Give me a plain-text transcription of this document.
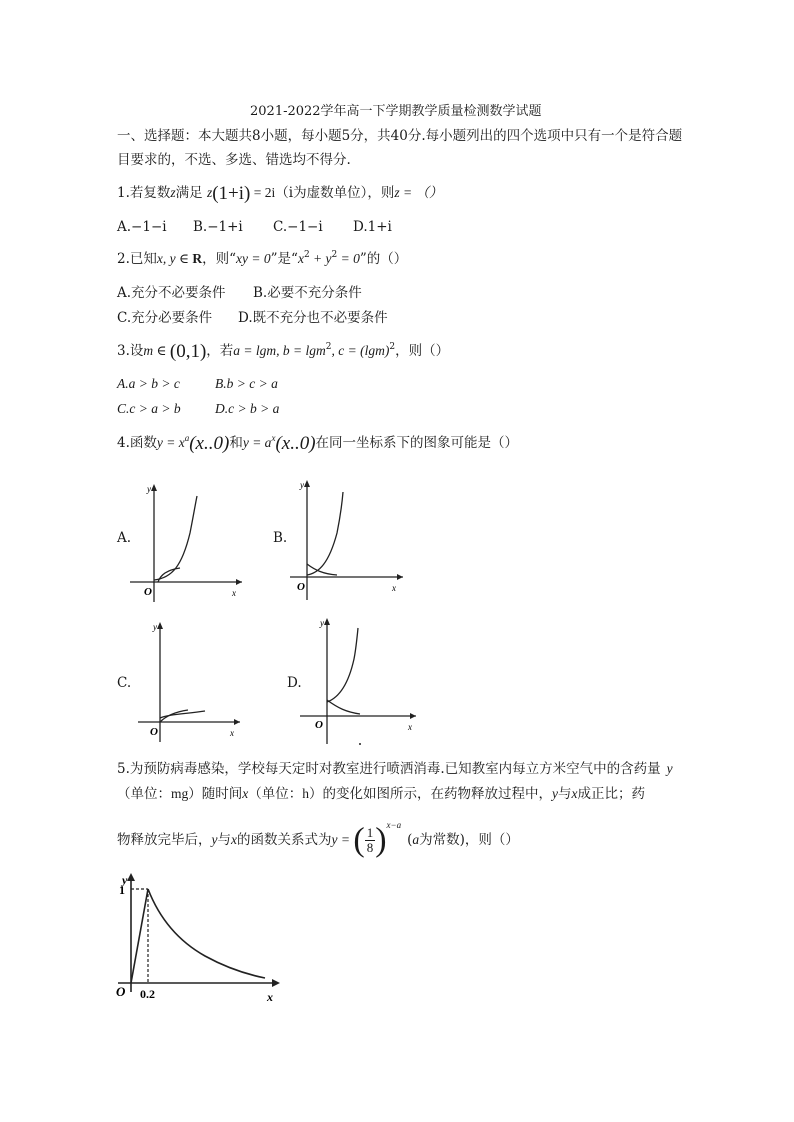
2021-2022学年高一下学期教学质量检测数学试题
一、选择题：本大题共8小题，每小题5分，共40分.每小题列出的四个选项中只有一个是符合题
目要求的，不选、多选、错选均不得分.
1.若复数z满足 z(1+i) = 2i（i为虚数单位），则z = （）
A.−1−i B.−1+i C.−1−i D.1+i
2.已知x, y ∈ R，则“xy = 0”是“$x^2 + y^2 = 0$”的（）
A.充分不必要条件 B.必要不充分条件
C.充分必要条件 D.既不充分也不必要条件
3.设m ∈ (0,1)，若a = lgm, b = lgm$^2$, $c = (\lg m)^2$，则（）
A.a > b > c	B.b > c > a
C.c > a > b	D.c > b > a
4.函数$y = x^a(x..0)$和$y = a^x(x..0)$在同一坐标系下的图象可能是（）
A.	B.
C.	D.
y
x
O
y
x
O
y
x
O
y
x
O
5.为预防病毒感染，学校每天定时对教室进行喷洒消毒.已知教室内每立方米空气中的含药量 y
（单位：mg）随时间x（单位：h）的变化如图所示，在药物释放过程中，y与x成正比；药
物释放完毕后，y与x的函数关系式为y = ( $\frac{1}{8} )^{x-a}(a$为常数)，则（）
y
x
O
1
0.2
